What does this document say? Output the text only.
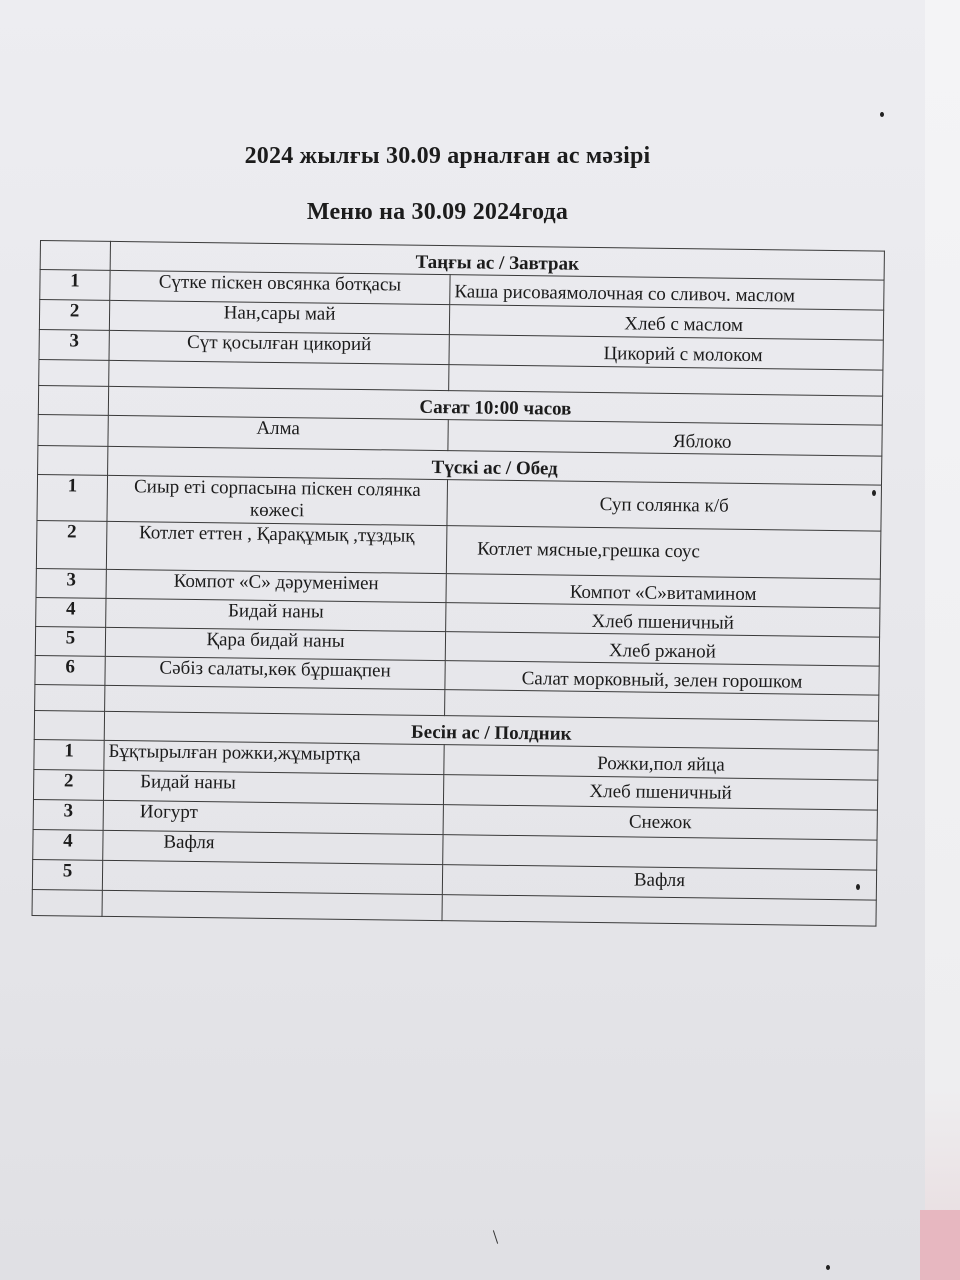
2024 жылғы 30.09 арналған ас мәзірі
Меню на 30.09 2024года
	Таңғы ас / Завтрак	
1	Сүтке піскен овсянка ботқасы	Каша рисоваямолочная со сливоч. маслом
2	Нан,сары май	Хлеб с маслом
3	Сүт қосылған цикорий	Цикорий с молоком

	Сағат 10:00 часов	
	Алма	Яблоко
	Түскі ас / Обед	
1	Сиыр еті сорпасына піскен солянка көжесі	Суп солянка к/б
2	Котлет еттен , Қарақұмық ,тұздық	Котлет мясные,грешка соус
3	Компот «С» дәруменімен	Компот «С»витамином
4	Бидай наны	Хлеб пшеничный
5	Қара бидай наны	Хлеб ржаной
6	Сәбіз салаты,көк бұршақпен	Салат морковный, зелен горошком

	Бесін ас / Полдник	
1	Бұқтырылған рожки,жұмыртқа	Рожки,пол яйца
2	Бидай наны	Хлеб пшеничный
3	Иогурт	Снежок
4	Вафля	
5		Вафля
